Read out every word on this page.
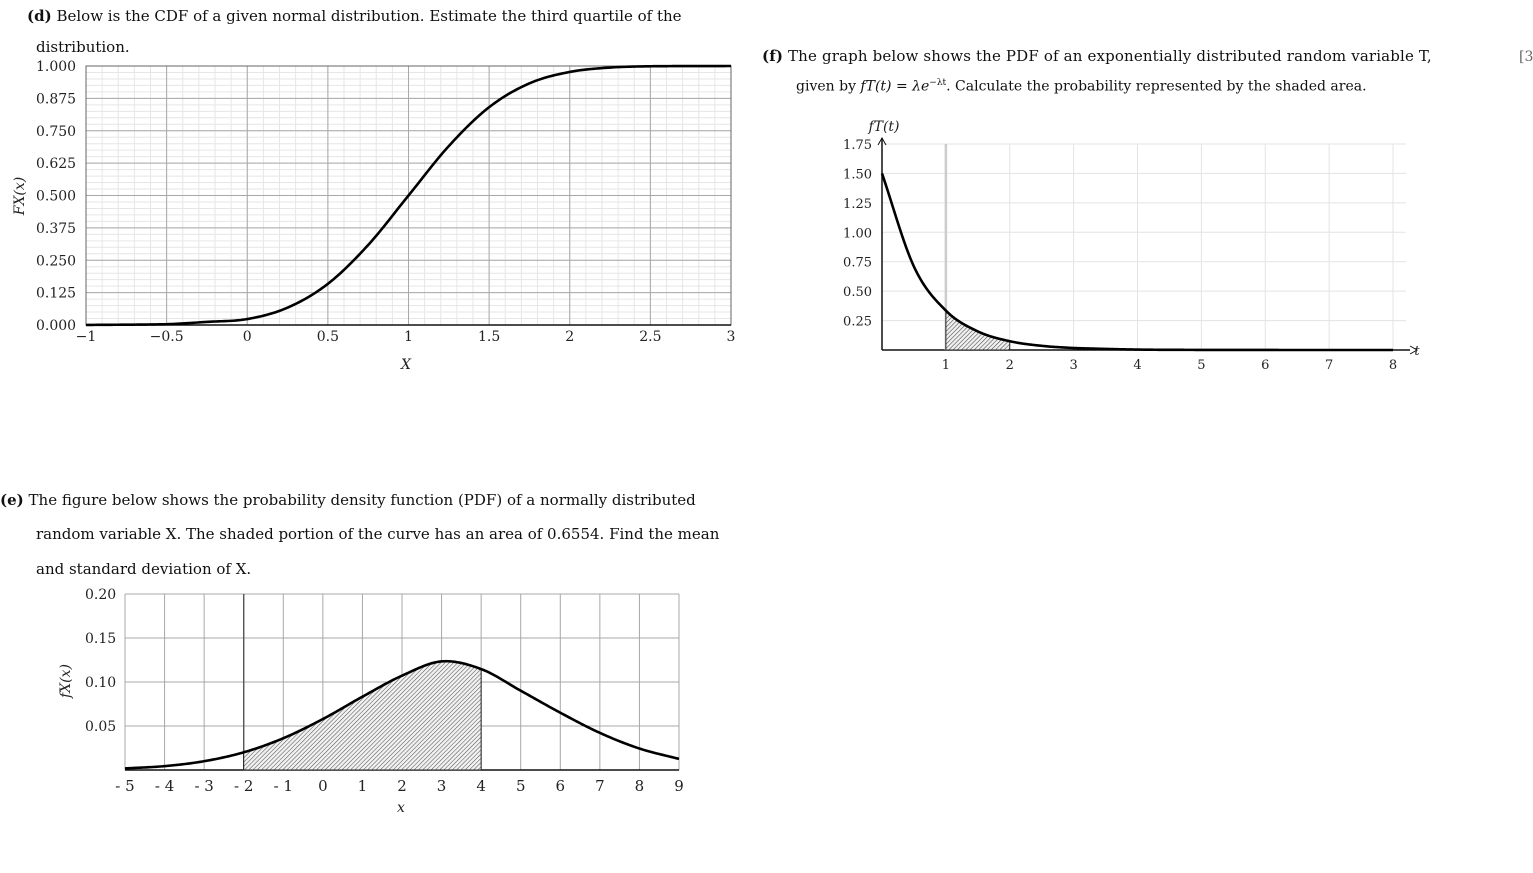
(d) Below is the CDF of a given normal distribution. Estimate the third quartile of the
distribution.
(e) The figure below shows the probability density function (PDF) of a normally distributed
random variable X. The shaded portion of the curve has an area of 0.6554. Find the mean
and standard deviation of X.
(f) The graph below shows the PDF of an exponentially distributed random variable T,	[3
given by $fT(t) = \lambda e^{-\lambda t}$. Calculate the probability represented by the shaded area.
−1	−0.5	0	0.5	1	1.5	2	2.5	3
0.000
0.125
0.250
0.375
0.500
0.625
0.750
0.875
1.000
X
FX(x)
- 5 - 4 - 3 - 2 - 1 0 1 2 3 4 5 6 7 8 9
0.05
0.10
0.15
0.20
x
fX(x)
1	2	3	4	5	6	7	8
0.25
0.50
0.75
1.00
1.25
1.50
1.75
t
fT(t)
